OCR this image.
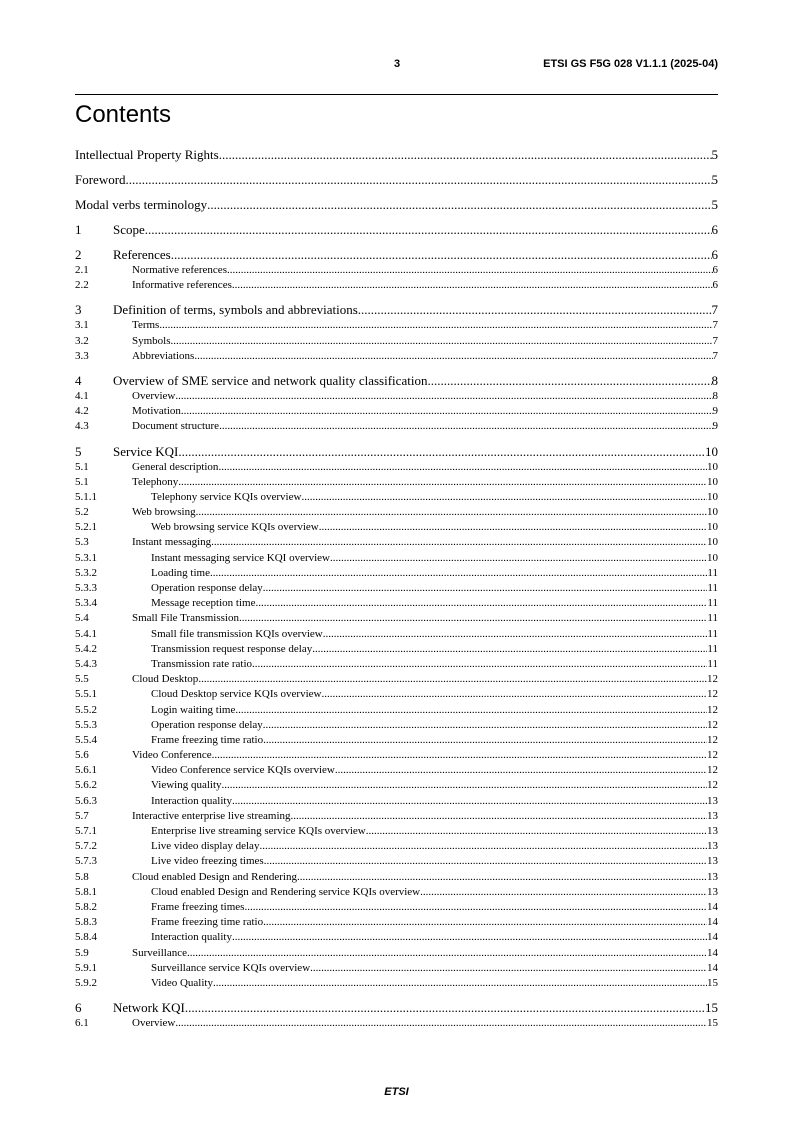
3	ETSI GS F5G 028 V1.1.1 (2025-04)
Contents
Intellectual Property Rights .....	5
Foreword .....	5
Modal verbs terminology .....	5
1	Scope .....	6
2	References .....	6
2.1	Normative references .....	6
2.2	Informative references .....	6
3	Definition of terms, symbols and abbreviations .....	7
3.1	Terms .....	7
3.2	Symbols .....	7
3.3	Abbreviations .....	7
4	Overview of SME service and network quality classification .....	8
4.1	Overview .....	8
4.2	Motivation .....	9
4.3	Document structure .....	9
5	Service KQI .....	10
5.1	General description .....	10
5.1	Telephony .....	10
5.1.1	Telephony service KQIs overview .....	10
5.2	Web browsing .....	10
5.2.1	Web browsing service KQIs overview .....	10
5.3	Instant messaging .....	10
5.3.1	Instant messaging service KQI overview .....	10
5.3.2	Loading time .....	11
5.3.3	Operation response delay .....	11
5.3.4	Message reception time .....	11
5.4	Small File Transmission .....	11
5.4.1	Small file transmission KQIs overview .....	11
5.4.2	Transmission request response delay .....	11
5.4.3	Transmission rate ratio .....	11
5.5	Cloud Desktop .....	12
5.5.1	Cloud Desktop service KQIs overview .....	12
5.5.2	Login waiting time .....	12
5.5.3	Operation response delay .....	12
5.5.4	Frame freezing time ratio .....	12
5.6	Video Conference .....	12
5.6.1	Video Conference service KQIs overview .....	12
5.6.2	Viewing quality .....	12
5.6.3	Interaction quality .....	13
5.7	Interactive enterprise live streaming .....	13
5.7.1	Enterprise live streaming service KQIs overview .....	13
5.7.2	Live video display delay .....	13
5.7.3	Live video freezing times .....	13
5.8	Cloud enabled Design and Rendering .....	13
5.8.1	Cloud enabled Design and Rendering service KQIs overview .....	13
5.8.2	Frame freezing times .....	14
5.8.3	Frame freezing time ratio .....	14
5.8.4	Interaction quality .....	14
5.9	Surveillance .....	14
5.9.1	Surveillance service KQIs overview .....	14
5.9.2	Video Quality .....	15
6	Network KQI .....	15
6.1	Overview .....	15
ETSI
